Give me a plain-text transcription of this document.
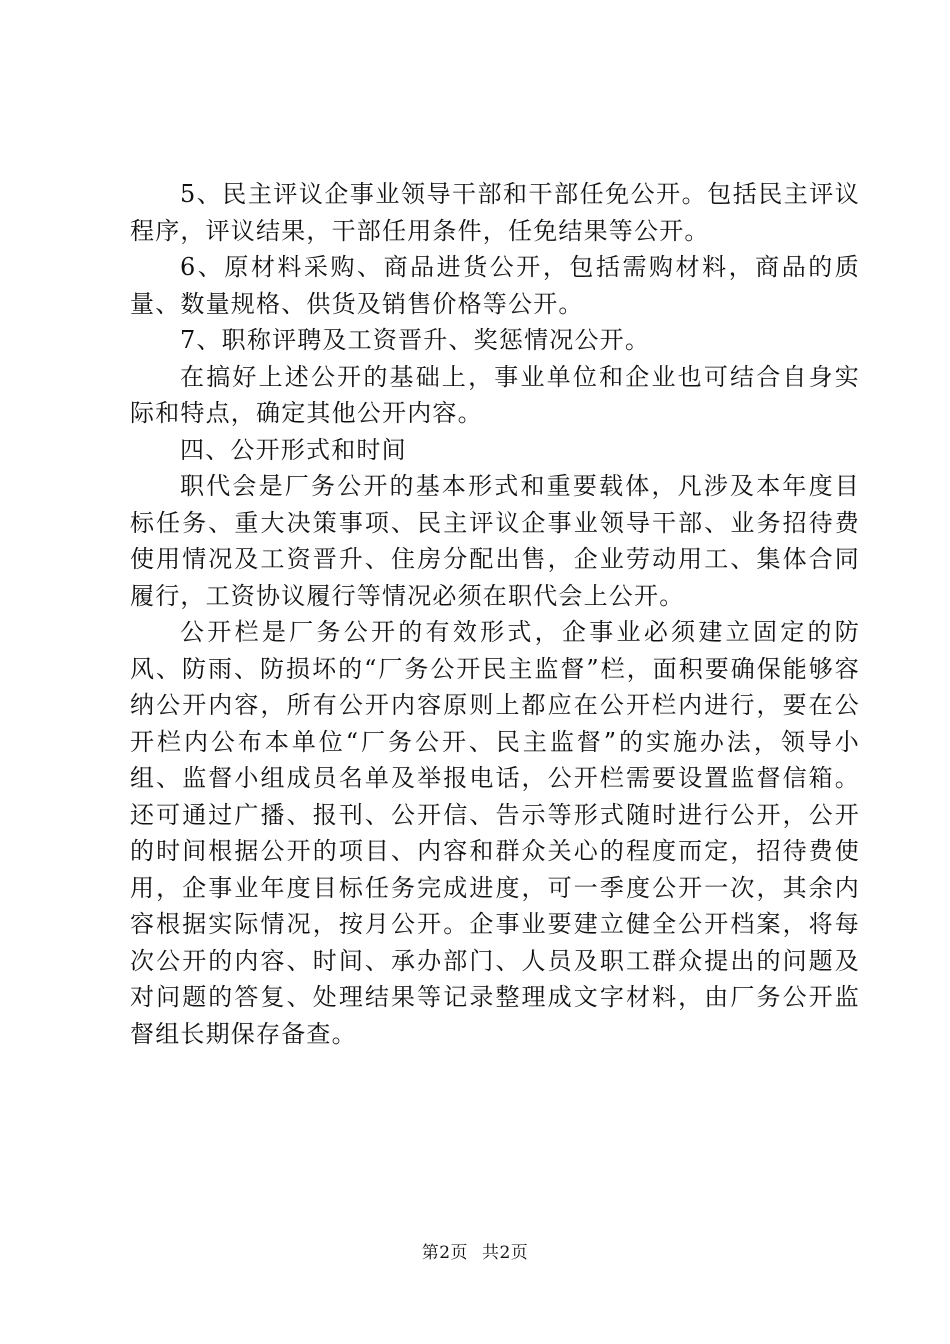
5、民主评议企事业领导干部和干部任免公开。包括民主评议程序，评议结果，干部任用条件，任免结果等公开。

6、原材料采购、商品进货公开，包括需购材料，商品的质量、数量规格、供货及销售价格等公开。

7、职称评聘及工资晋升、奖惩情况公开。

在搞好上述公开的基础上，事业单位和企业也可结合自身实际和特点，确定其他公开内容。

四、公开形式和时间

职代会是厂务公开的基本形式和重要载体，凡涉及本年度目标任务、重大决策事项、民主评议企事业领导干部、业务招待费使用情况及工资晋升、住房分配出售，企业劳动用工、集体合同履行，工资协议履行等情况必须在职代会上公开。

公开栏是厂务公开的有效形式，企事业必须建立固定的防风、防雨、防损坏的“厂务公开民主监督”栏，面积要确保能够容纳公开内容，所有公开内容原则上都应在公开栏内进行，要在公开栏内公布本单位“厂务公开、民主监督”的实施办法，领导小组、监督小组成员名单及举报电话，公开栏需要设置监督信箱。还可通过广播、报刊、公开信、告示等形式随时进行公开，公开的时间根据公开的项目、内容和群众关心的程度而定，招待费使用，企事业年度目标任务完成进度，可一季度公开一次，其余内容根据实际情况，按月公开。企事业要建立健全公开档案，将每次公开的内容、时间、承办部门、人员及职工群众提出的问题及对问题的答复、处理结果等记录整理成文字材料，由厂务公开监督组长期保存备查。

第2页 共2页
